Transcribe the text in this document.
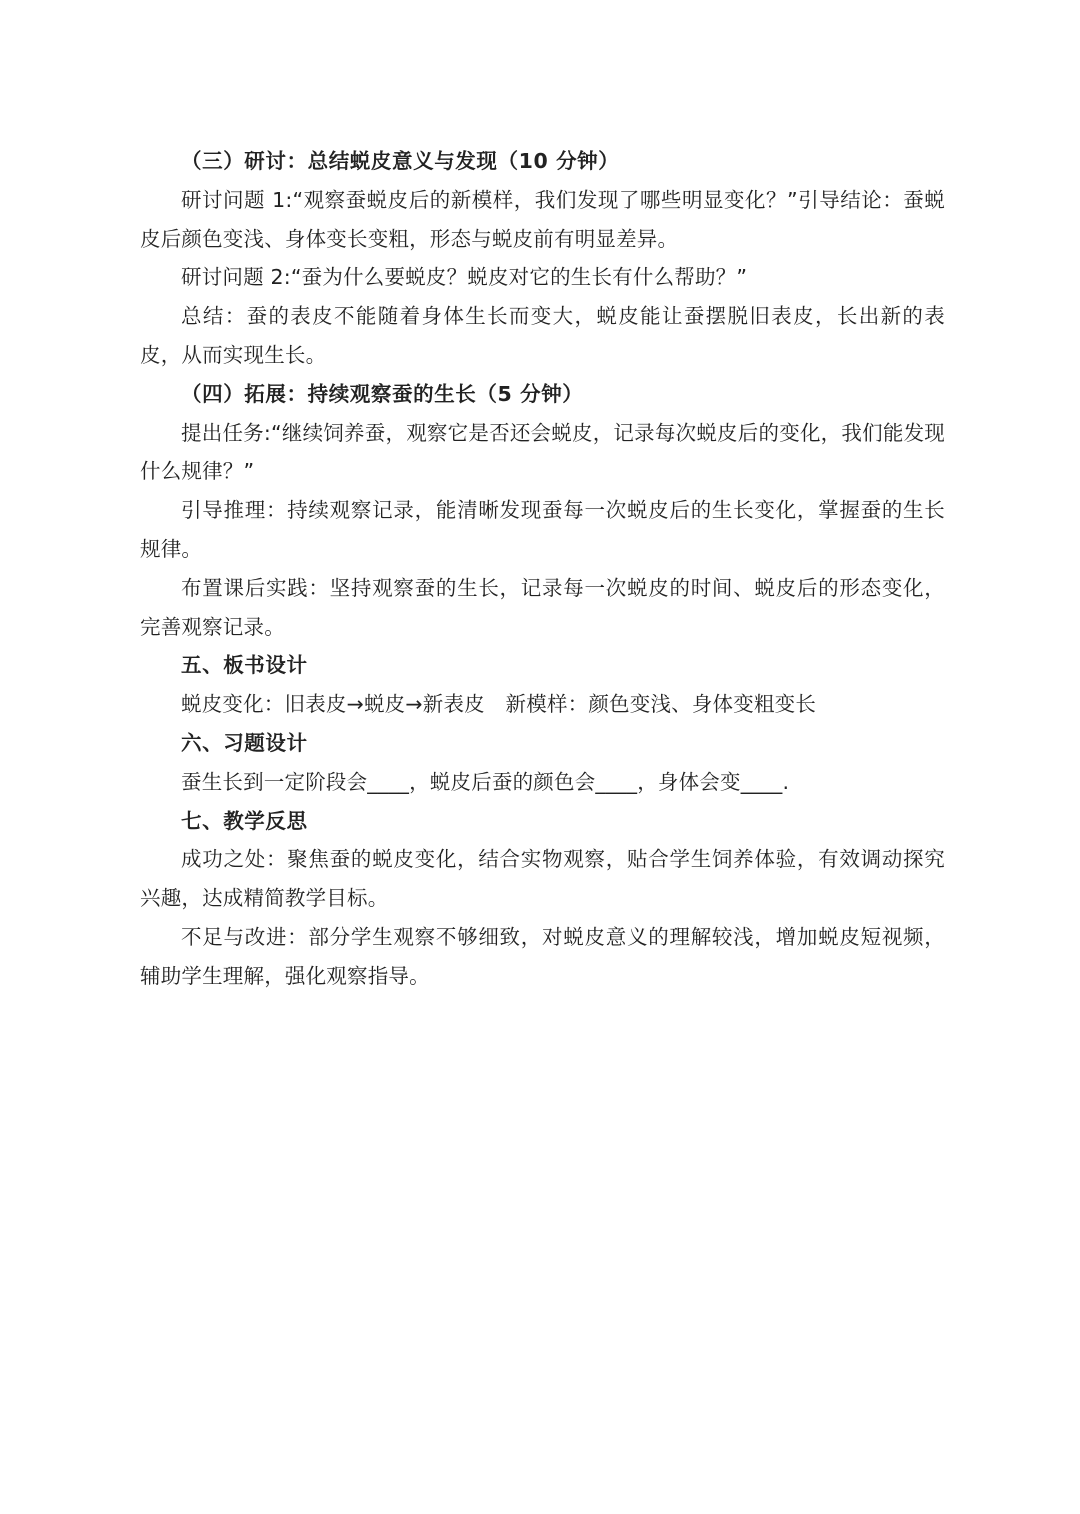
（三）研讨：总结蜕皮意义与发现（10 分钟）

研讨问题 1:“观察蚕蜕皮后的新模样，我们发现了哪些明显变化？”引导结论：蚕蜕皮后颜色变浅、身体变长变粗，形态与蜕皮前有明显差异。

研讨问题 2:“蚕为什么要蜕皮？蜕皮对它的生长有什么帮助？”

总结：蚕的表皮不能随着身体生长而变大，蜕皮能让蚕摆脱旧表皮，长出新的表皮，从而实现生长。

（四）拓展：持续观察蚕的生长（5 分钟）

提出任务:“继续饲养蚕，观察它是否还会蜕皮，记录每次蜕皮后的变化，我们能发现什么规律？”

引导推理：持续观察记录，能清晰发现蚕每一次蜕皮后的生长变化，掌握蚕的生长规律。

布置课后实践：坚持观察蚕的生长，记录每一次蜕皮的时间、蜕皮后的形态变化，完善观察记录。

五、板书设计

蜕皮变化：旧表皮→蜕皮→新表皮　新模样：颜色变浅、身体变粗变长

六、习题设计

蚕生长到一定阶段会____，蜕皮后蚕的颜色会____，身体会变____.

七、教学反思

成功之处：聚焦蚕的蜕皮变化，结合实物观察，贴合学生饲养体验，有效调动探究兴趣，达成精简教学目标。

不足与改进：部分学生观察不够细致，对蜕皮意义的理解较浅，增加蜕皮短视频，辅助学生理解，强化观察指导。
